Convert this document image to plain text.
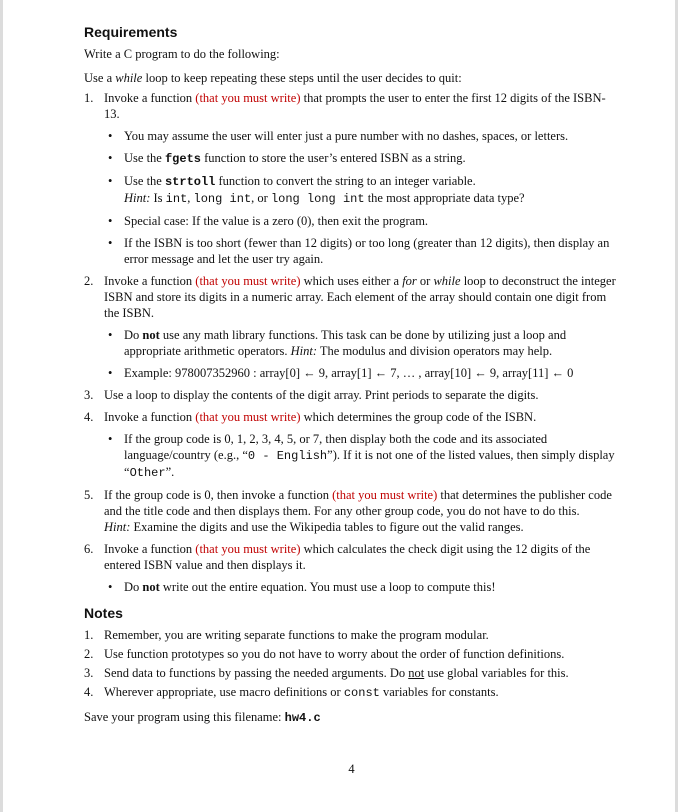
Requirements

Write a C program to do the following:

Use a while loop to keep repeating these steps until the user decides to quit:

1. Invoke a function (that you must write) that prompts the user to enter the first 12 digits of the ISBN-13.
• You may assume the user will enter just a pure number with no dashes, spaces, or letters.
• Use the fgets function to store the user’s entered ISBN as a string.
• Use the strtoll function to convert the string to an integer variable.
Hint: Is int, long int, or long long int the most appropriate data type?
• Special case: If the value is a zero (0), then exit the program.
• If the ISBN is too short (fewer than 12 digits) or too long (greater than 12 digits), then display an error message and let the user try again.
2. Invoke a function (that you must write) which uses either a for or while loop to deconstruct the integer ISBN and store its digits in a numeric array. Each element of the array should contain one digit from the ISBN.
• Do not use any math library functions. This task can be done by utilizing just a loop and appropriate arithmetic operators. Hint: The modulus and division operators may help.
• Example: 978007352960 : array[0] ← 9, array[1] ← 7, … , array[10] ← 9, array[11] ← 0
3. Use a loop to display the contents of the digit array. Print periods to separate the digits.
4. Invoke a function (that you must write) which determines the group code of the ISBN.
• If the group code is 0, 1, 2, 3, 4, 5, or 7, then display both the code and its associated language/country (e.g., “0 - English”). If it is not one of the listed values, then simply display “Other”.
5. If the group code is 0, then invoke a function (that you must write) that determines the publisher code and the title code and then displays them. For any other group code, you do not have to do this.
Hint: Examine the digits and use the Wikipedia tables to figure out the valid ranges.
6. Invoke a function (that you must write) which calculates the check digit using the 12 digits of the entered ISBN value and then displays it.
• Do not write out the entire equation. You must use a loop to compute this!
Notes
1. Remember, you are writing separate functions to make the program modular.
2. Use function prototypes so you do not have to worry about the order of function definitions.
3. Send data to functions by passing the needed arguments. Do not use global variables for this.
4. Wherever appropriate, use macro definitions or const variables for constants.

Save your program using this filename: hw4.c

4
